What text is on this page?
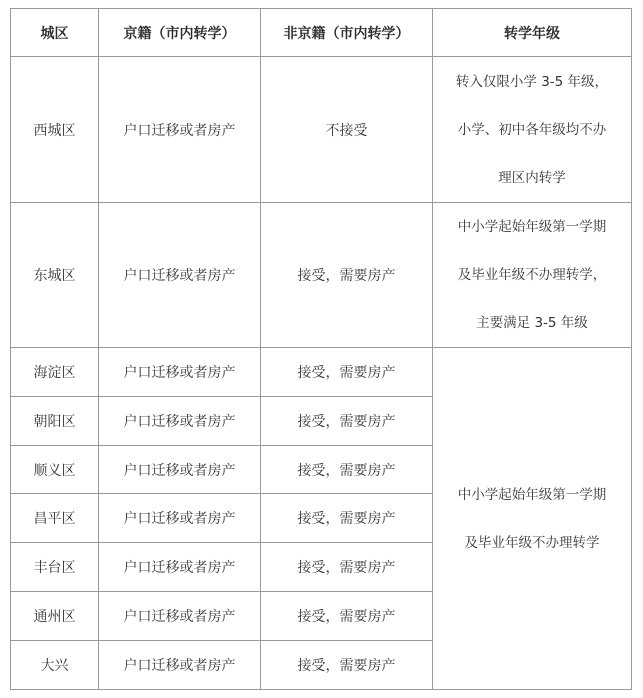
城区	京籍（市内转学）	非京籍（市内转学）	转学年级
西城区	户口迁移或者房产	不接受	转入仅限小学 3-5 年级，
小学、初中各年级均不办
理区内转学

东城区	户口迁移或者房产	接受，需要房产	中小学起始年级第一学期
及毕业年级不办理转学，
主要满足 3-5 年级

海淀区	户口迁移或者房产	接受，需要房产	中小学起始年级第一学期
及毕业年级不办理转学

朝阳区	户口迁移或者房产	接受，需要房产	
顺义区	户口迁移或者房产	接受，需要房产	
昌平区	户口迁移或者房产	接受，需要房产	
丰台区	户口迁移或者房产	接受，需要房产	
通州区	户口迁移或者房产	接受，需要房产	
大兴	户口迁移或者房产	接受，需要房产	
